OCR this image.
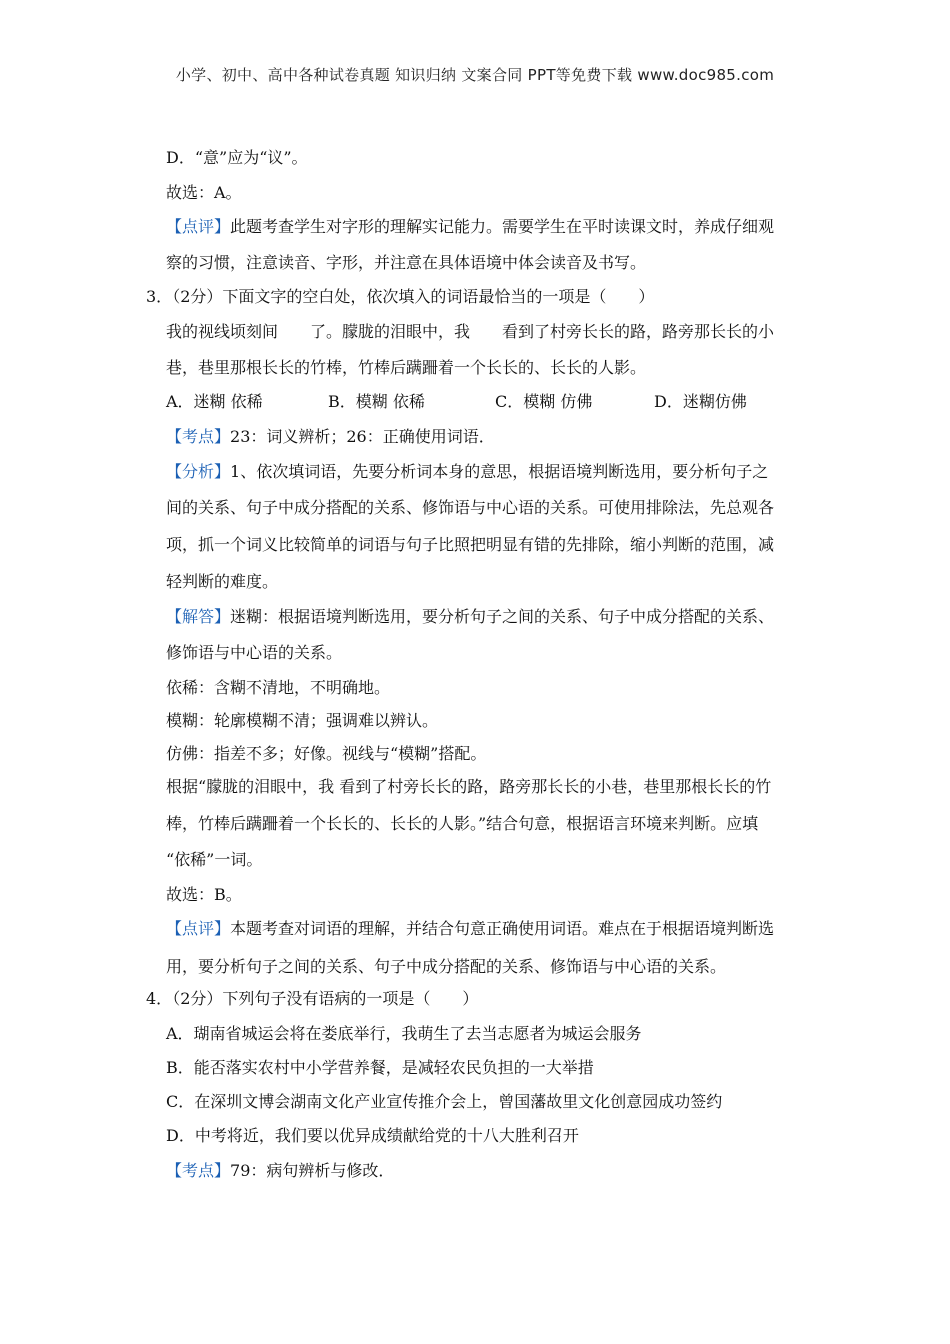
小学、初中、高中各种试卷真题 知识归纳 文案合同 PPT等免费下载 www.doc985.com
D．“意”应为“议”。
故选：A。
【点评】此题考查学生对字形的理解实记能力。需要学生在平时读课文时，养成仔细观
察的习惯，注意读音、字形，并注意在具体语境中体会读音及书写。
3．（2分）下面文字的空白处，依次填入的词语最恰当的一项是（　　）
我的视线顷刻间　　了。朦胧的泪眼中，我　　看到了村旁长长的路，路旁那长长的小
巷，巷里那根长长的竹棒，竹棒后蹒跚着一个长长的、长长的人影。
A．迷糊 依稀	B．模糊 依稀	C．模糊 仿佛	D．迷糊仿佛
【考点】23：词义辨析；26：正确使用词语．
【分析】1、依次填词语，先要分析词本身的意思，根据语境判断选用，要分析句子之
间的关系、句子中成分搭配的关系、修饰语与中心语的关系。可使用排除法，先总观各
项，抓一个词义比较简单的词语与句子比照把明显有错的先排除，缩小判断的范围，减
轻判断的难度。
【解答】迷糊：根据语境判断选用，要分析句子之间的关系、句子中成分搭配的关系、
修饰语与中心语的关系。
依稀：含糊不清地，不明确地。
模糊：轮廓模糊不清；强调难以辨认。
仿佛：指差不多；好像。视线与“模糊”搭配。
根据“朦胧的泪眼中，我 看到了村旁长长的路，路旁那长长的小巷，巷里那根长长的竹
棒，竹棒后蹒跚着一个长长的、长长的人影。”结合句意，根据语言环境来判断。应填
“依稀”一词。
故选：B。
【点评】本题考查对词语的理解，并结合句意正确使用词语。难点在于根据语境判断选
用，要分析句子之间的关系、句子中成分搭配的关系、修饰语与中心语的关系。
4．（2分）下列句子没有语病的一项是（　　）
A．瑚南省城运会将在娄底举行，我萌生了去当志愿者为城运会服务
B．能否落实农村中小学营养餐，是减轻农民负担的一大举措
C．在深圳文博会湖南文化产业宣传推介会上，曾国藩故里文化创意园成功签约
D．中考将近，我们要以优异成绩献给党的十八大胜利召开
【考点】79：病句辨析与修改．
